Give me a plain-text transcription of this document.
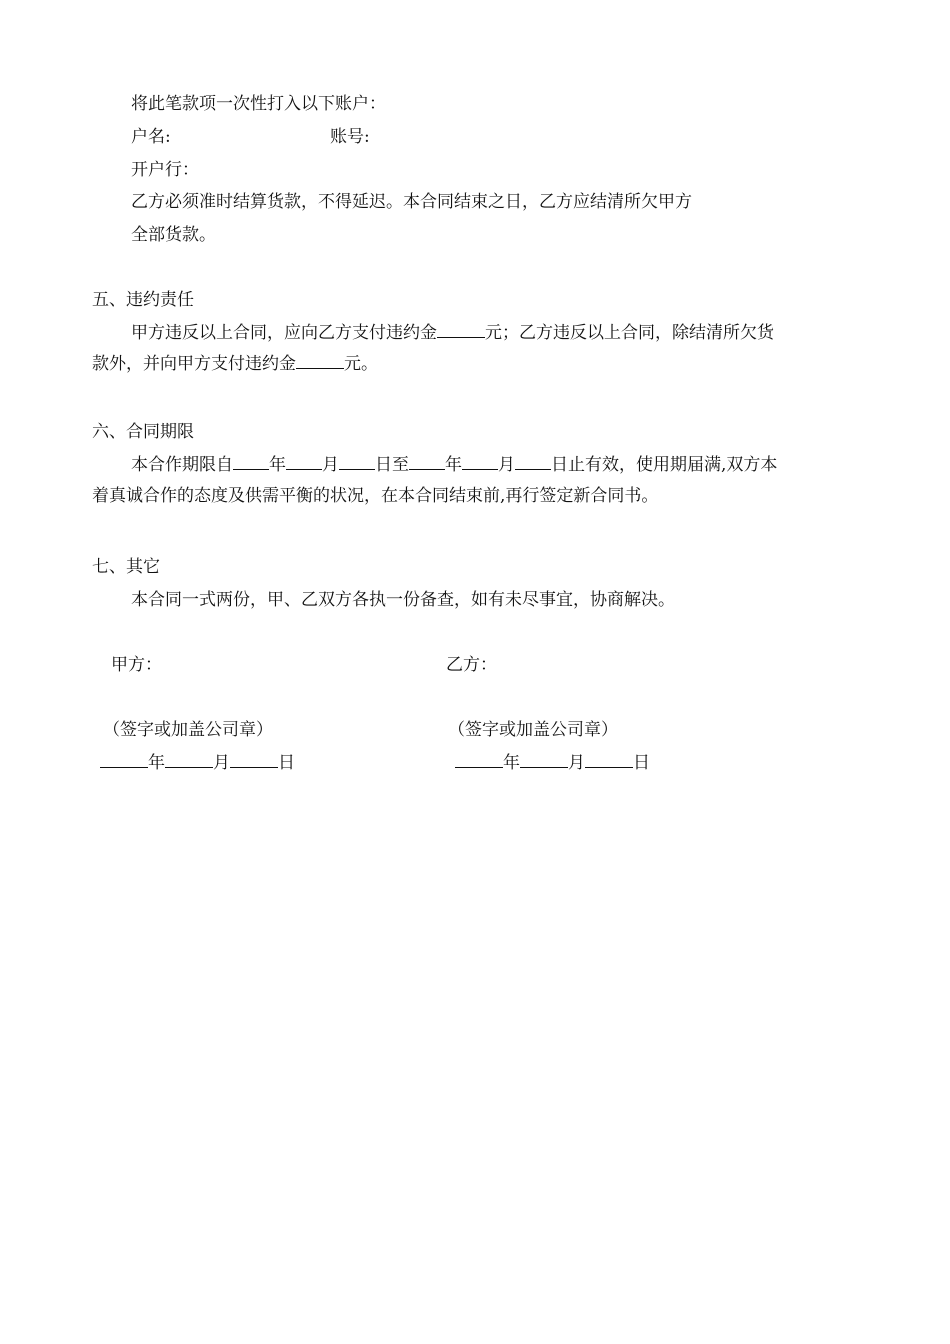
将此笔款项一次性打入以下账户：
户名:	账号:
开户行：
乙方必须准时结算货款，不得延迟。本合同结束之日，乙方应结清所欠甲方
全部货款。
五、违约责任
甲方违反以上合同，应向乙方支付违约金	元；乙方违反以上合同，除结清所欠货
款外，并向甲方支付违约金	元。
六、合同期限
本合作期限自 年 月 日至 年 月 日止有效，使用期届满,双方本
着真诚合作的态度及供需平衡的状况，在本合同结束前,再行签定新合同书。
七、其它
本合同一式两份，甲、乙双方各执一份备查，如有未尽事宜，协商解决。
甲方：	乙方：
（签字或加盖公司章）	（签字或加盖公司章）
年	月	日	年	月	日
